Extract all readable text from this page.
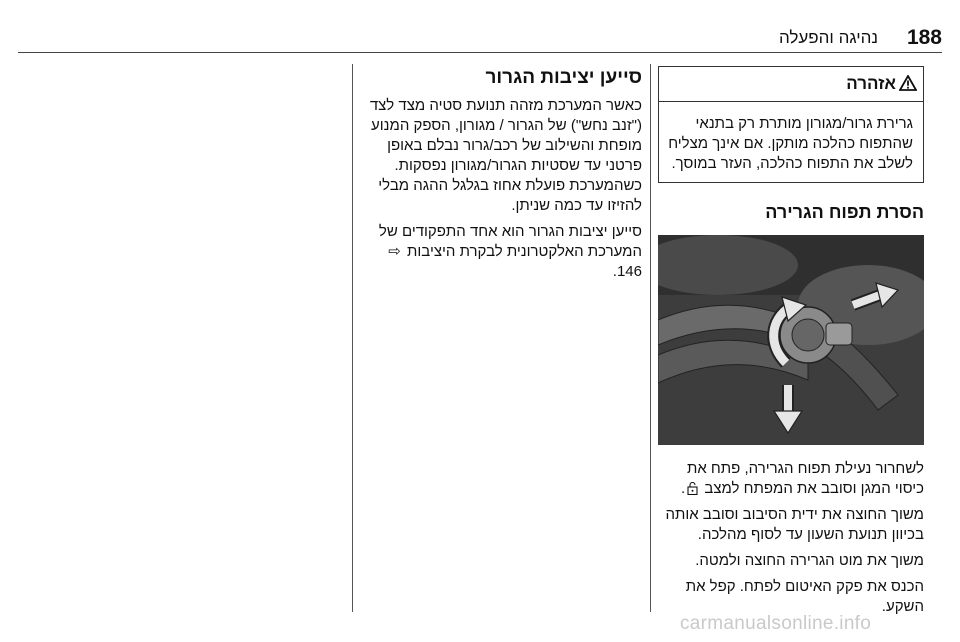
188
נהיגה והפעלה
סייען יציבות הגרור

כאשר המערכת מזהה תנועת סטיה מצד לצד ("זנב נחש") של הגרור / מגורון, הספק המנוע מופחת והשילוב של רכב/גרור נבלם באופן פרטני עד שסטיות הגרור/מגורון נפסקות. כשהמערכת פועלת אחוז בגלגל ההגה מבלי להזיזו עד כמה שניתן.

סייען יציבות הגרור הוא אחד התפקודים של המערכת האלקטרונית לבקרת היציבות ⇨146.

אזהרה
גרירת גרור/מגורון מותרת רק בתנאי שהתפוח כהלכה מותקן. אם אינך מצליח לשלב את התפוח כהלכה, העזר במוסך.
הסרת תפוח הגרירה

לשחרור נעילת תפוח הגרירה, פתח את כיסוי המגן וסובב את המפתח למצב .

משוך החוצה את ידית הסיבוב וסובב אותה בכיוון תנועת השעון עד לסוף מהלכה.

משוך את מוט הגרירה החוצה ולמטה.

הכנס את פקק האיטום לפתח. קפל את השקע.

carmanualsonline.info
